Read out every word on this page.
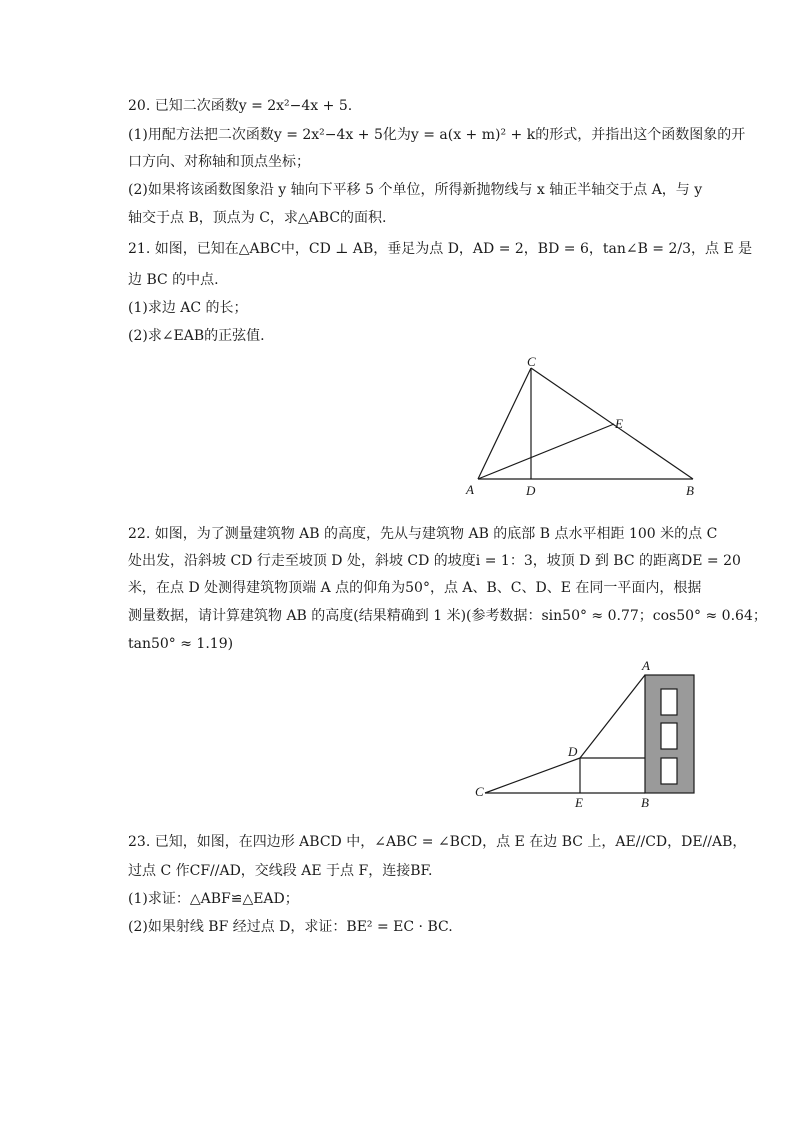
20. 已知二次函数y = 2x²−4x + 5.
(1)用配方法把二次函数y = 2x²−4x + 5化为y = a(x + m)² + k的形式，并指出这个函数图象的开
口方向、对称轴和顶点坐标；
(2)如果将该函数图象沿 y 轴向下平移 5 个单位，所得新抛物线与 x 轴正半轴交于点 A，与 y
轴交于点 B，顶点为 C，求△ABC的面积.
21. 如图，已知在△ABC中，CD ⊥ AB，垂足为点 D，AD = 2，BD = 6，tan∠B = 2/3，点 E 是
边 BC 的中点.
(1)求边 AC 的长；
(2)求∠EAB的正弦值.
C
E
A	D	B
22. 如图，为了测量建筑物 AB 的高度，先从与建筑物 AB 的底部 B 点水平相距 100 米的点 C
处出发，沿斜坡 CD 行走至坡顶 D 处，斜坡 CD 的坡度i = 1：3，坡顶 D 到 BC 的距离DE = 20
米，在点 D 处测得建筑物顶端 A 点的仰角为50°，点 A、B、C、D、E 在同一平面内，根据
测量数据，请计算建筑物 AB 的高度(结果精确到 1 米)(参考数据：sin50° ≈ 0.77；cos50° ≈ 0.64；
tan50° ≈ 1.19)
A
D
C
E	B
23. 已知，如图，在四边形 ABCD 中，∠ABC = ∠BCD，点 E 在边 BC 上，AE//CD，DE//AB，
过点 C 作CF//AD，交线段 AE 于点 F，连接BF.
(1)求证：△ABF≌△EAD；
(2)如果射线 BF 经过点 D，求证：BE² = EC · BC.
